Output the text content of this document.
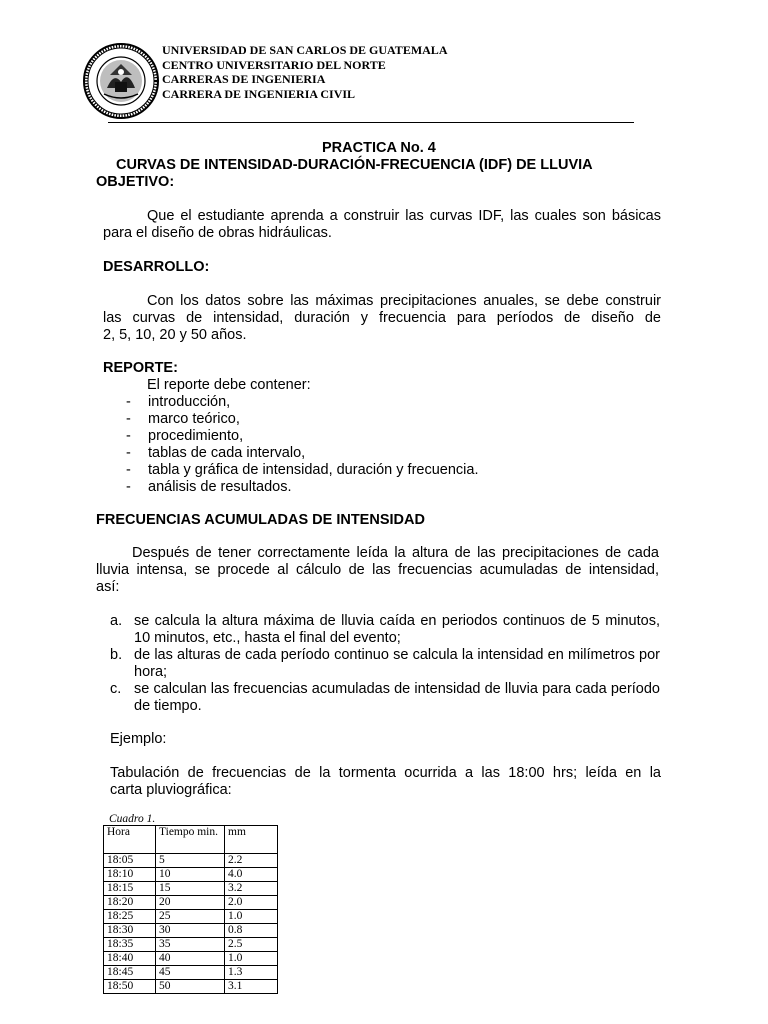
UNIVERSIDAD DE SAN CARLOS DE GUATEMALA
CENTRO UNIVERSITARIO DEL NORTE
CARRERAS DE INGENIERIA
CARRERA DE INGENIERIA CIVIL
PRACTICA No. 4
CURVAS DE INTENSIDAD-DURACIÓN-FRECUENCIA (IDF) DE LLUVIA
OBJETIVO:
Que el estudiante aprenda a construir las curvas IDF, las cuales son básicas para el diseño de obras hidráulicas.
DESARROLLO:
Con los datos sobre las máximas precipitaciones anuales, se debe construir
las curvas de intensidad, duración y frecuencia para períodos de diseño de
2, 5, 10, 20 y 50 años.
REPORTE:
El reporte debe contener:
- introducción,
- marco teórico,
- procedimiento,
- tablas de cada intervalo,
- tabla y gráfica de intensidad, duración y frecuencia.
- análisis de resultados.
FRECUENCIAS ACUMULADAS DE INTENSIDAD
Después de tener correctamente leída la altura de las precipitaciones de cada
lluvia intensa, se procede al cálculo de las frecuencias acumuladas de intensidad,
así:
a. se calcula la altura máxima de lluvia caída en periodos continuos de 5 minutos, 10 minutos, etc., hasta el final del evento;
b. de las alturas de cada período continuo se calcula la intensidad en milímetros por hora;
c. se calculan las frecuencias acumuladas de intensidad de lluvia para cada período de tiempo.
Ejemplo:
Tabulación de frecuencias de la tormenta ocurrida a las 18:00 hrs; leída en la
carta pluviográfica:
Cuadro 1.
Hora	Tiempo min.	mm
18:05	5	2.2
18:10	10	4.0
18:15	15	3.2
18:20	20	2.0
18:25	25	1.0
18:30	30	0.8
18:35	35	2.5
18:40	40	1.0
18:45	45	1.3
18:50	50	3.1
